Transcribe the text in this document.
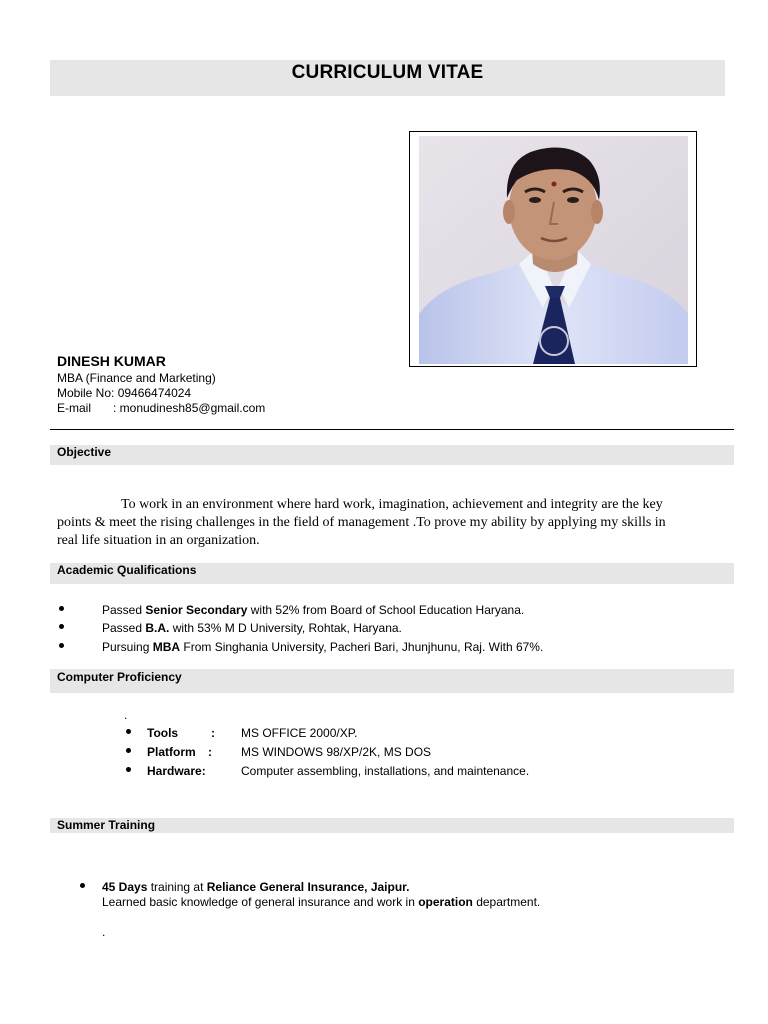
CURRICULUM VITAE
DINESH KUMAR
MBA (Finance and Marketing)
Mobile No: 09466474024
E-mail : monudinesh85@gmail.com
Objective
To work in an environment where hard work, imagination, achievement and integrity are the key
points & meet the rising challenges in the field of management .To prove my ability by applying my skills in
real life situation in an organization.
Academic Qualifications
Passed Senior Secondary with 52% from Board of School Education Haryana.
Passed B.A. with 53% M D University, Rohtak, Haryana.
Pursuing MBA From Singhania University, Pacheri Bari, Jhunjhunu, Raj. With 67%.
Computer Proficiency
.
Tools	: MS OFFICE 2000/XP.
Platform : MS WINDOWS 98/XP/2K, MS DOS
Hardware:	Computer assembling, installations, and maintenance.
Summer Training
45 Days training at Reliance General Insurance, Jaipur.
Learned basic knowledge of general insurance and work in operation department.
.
